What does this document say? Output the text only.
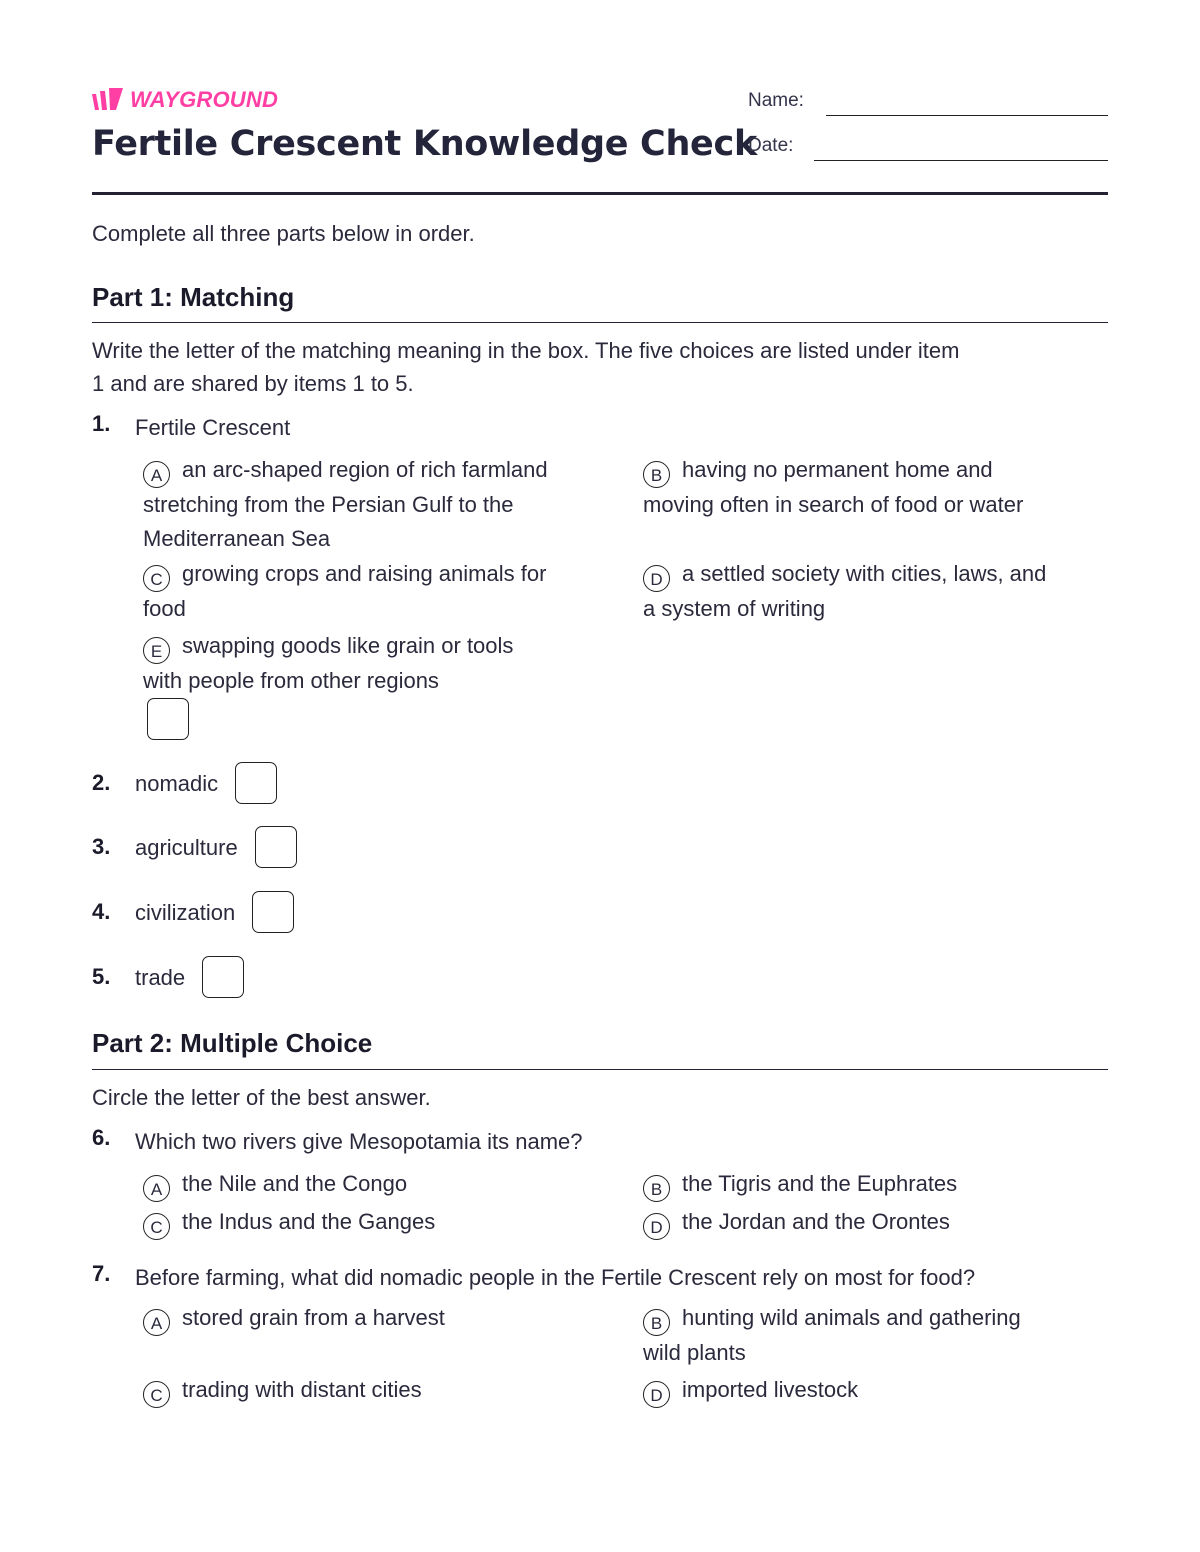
WAYGROUND
Fertile Crescent Knowledge Check
Name:
Date:
Complete all three parts below in order.
Part 1: Matching
Write the letter of the matching meaning in the box. The five choices are listed under item
1 and are shared by items 1 to 5.
1. Fertile Crescent
A an arc-shaped region of rich farmland
stretching from the Persian Gulf to the
Mediterranean Sea
B having no permanent home and
moving often in search of food or water
C growing crops and raising animals for
food
D a settled society with cities, laws, and
a system of writing
E swapping goods like grain or tools
with people from other regions
2.	nomadic
3.	agriculture
4.	civilization
5.	trade
Part 2: Multiple Choice
Circle the letter of the best answer.
6. Which two rivers give Mesopotamia its name?
A the Nile and the Congo	B the Tigris and the Euphrates
C the Indus and the Ganges	D the Jordan and the Orontes
7. Before farming, what did nomadic people in the Fertile Crescent rely on most for food?
A stored grain from a harvest	B hunting wild animals and gathering
wild plants
C trading with distant cities	D imported livestock
